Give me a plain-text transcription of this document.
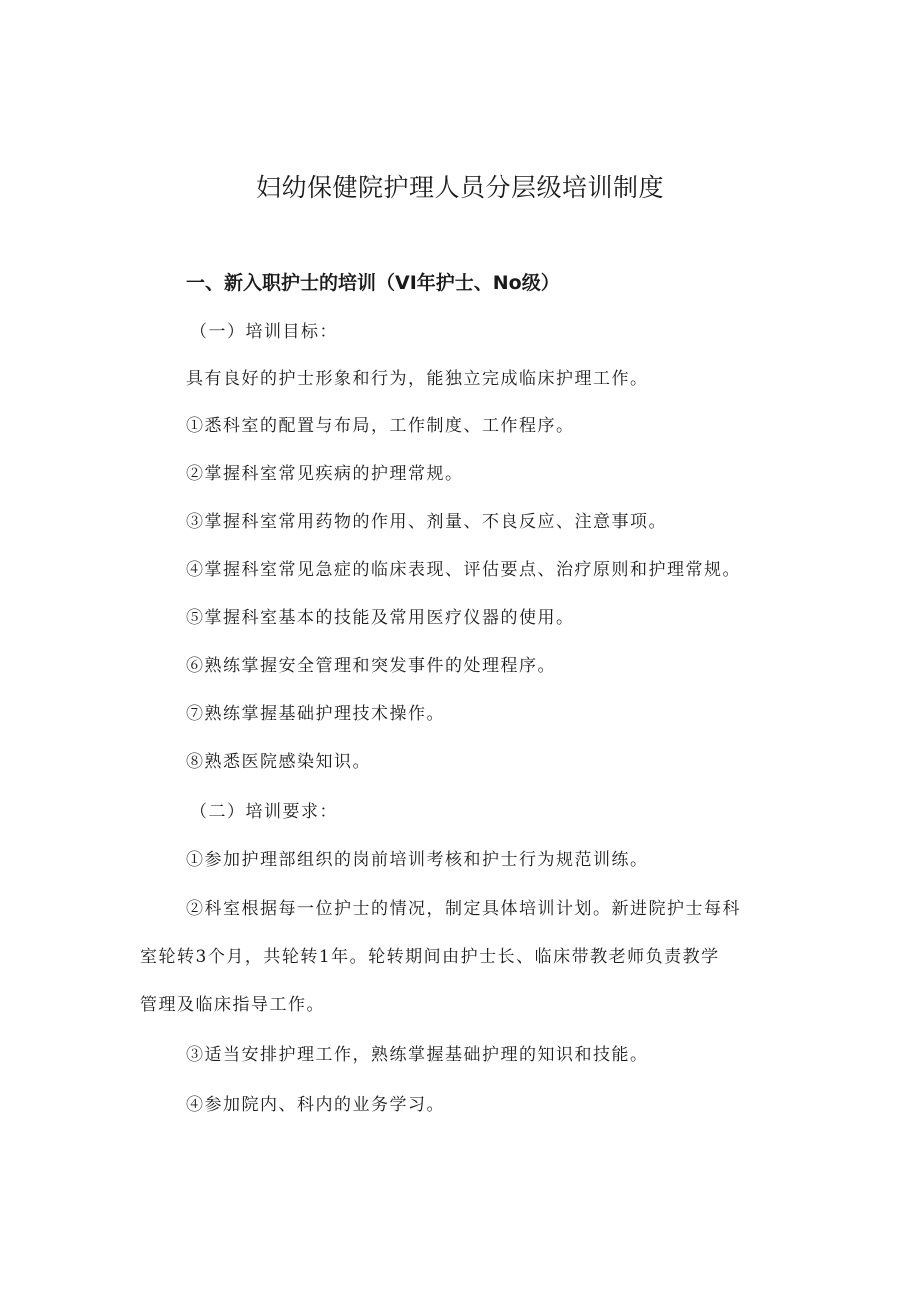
妇幼保健院护理人员分层级培训制度
一、新入职护士的培训（VI年护士、No级）

（一）培训目标：

具有良好的护士形象和行为，能独立完成临床护理工作。

①悉科室的配置与布局，工作制度、工作程序。

②掌握科室常见疾病的护理常规。

③掌握科室常用药物的作用、剂量、不良反应、注意事项。

④掌握科室常见急症的临床表现、评估要点、治疗原则和护理常规。

⑤掌握科室基本的技能及常用医疗仪器的使用。

⑥熟练掌握安全管理和突发事件的处理程序。

⑦熟练掌握基础护理技术操作。

⑧熟悉医院感染知识。

（二）培训要求：

①参加护理部组织的岗前培训考核和护士行为规范训练。

②科室根据每一位护士的情况，制定具体培训计划。新进院护士每科

室轮转3个月，共轮转1年。轮转期间由护士长、临床带教老师负责教学

管理及临床指导工作。

③适当安排护理工作，熟练掌握基础护理的知识和技能。

④参加院内、科内的业务学习。
